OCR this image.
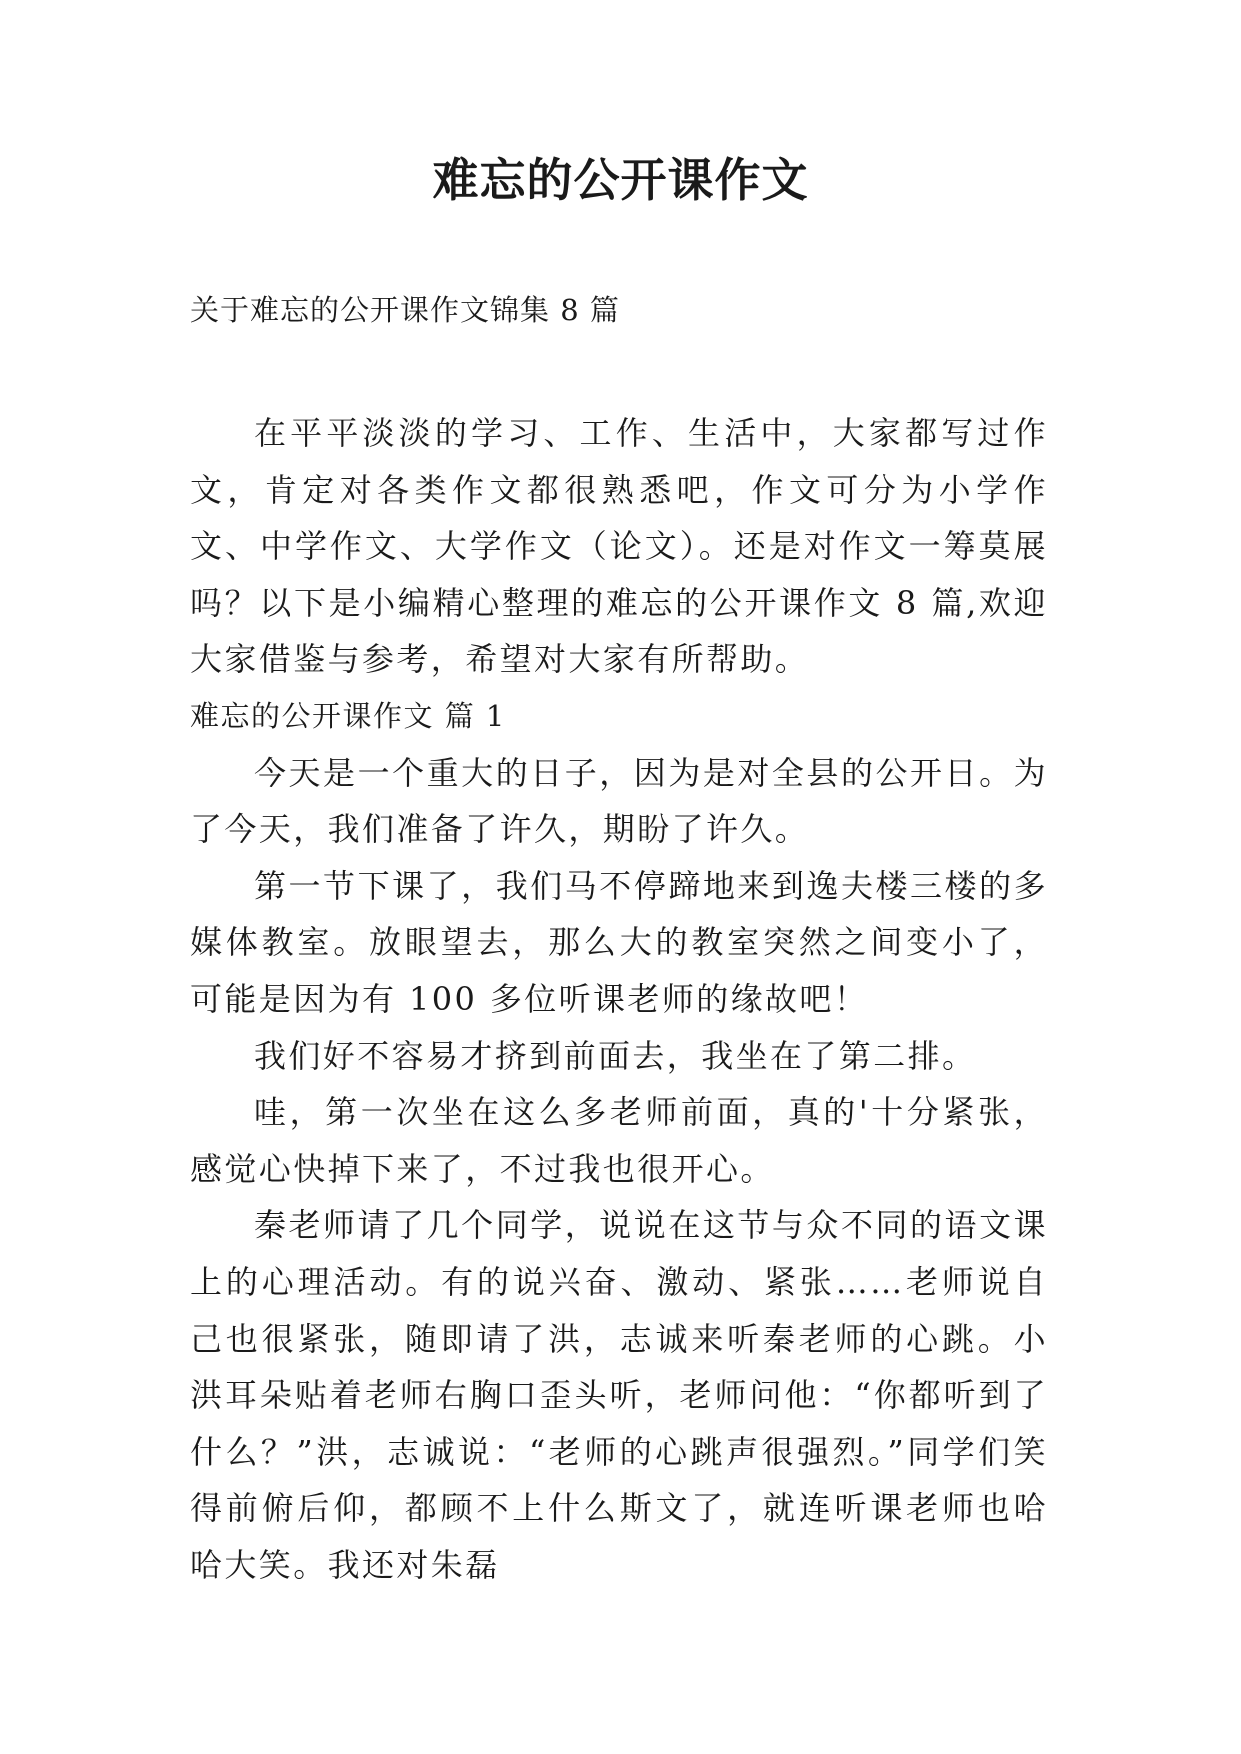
难忘的公开课作文
关于难忘的公开课作文锦集 8 篇

在平平淡淡的学习、工作、生活中，大家都写过作文，肯定对各类作文都很熟悉吧，作文可分为小学作文、中学作文、大学作文（论文）。还是对作文一筹莫展吗？以下是小编精心整理的难忘的公开课作文 8 篇,欢迎大家借鉴与参考，希望对大家有所帮助。

难忘的公开课作文 篇 1

今天是一个重大的日子，因为是对全县的公开日。为了今天，我们准备了许久，期盼了许久。

第一节下课了，我们马不停蹄地来到逸夫楼三楼的多媒体教室。放眼望去，那么大的教室突然之间变小了，可能是因为有 100 多位听课老师的缘故吧！

我们好不容易才挤到前面去，我坐在了第二排。

哇，第一次坐在这么多老师前面，真的'十分紧张，感觉心快掉下来了，不过我也很开心。

秦老师请了几个同学，说说在这节与众不同的语文课上的心理活动。有的说兴奋、激动、紧张……老师说自己也很紧张，随即请了洪，志诚来听秦老师的心跳。小洪耳朵贴着老师右胸口歪头听，老师问他：“你都听到了什么？”洪，志诚说：“老师的心跳声很强烈。”同学们笑得前俯后仰，都顾不上什么斯文了，就连听课老师也哈哈大笑。我还对朱磊
